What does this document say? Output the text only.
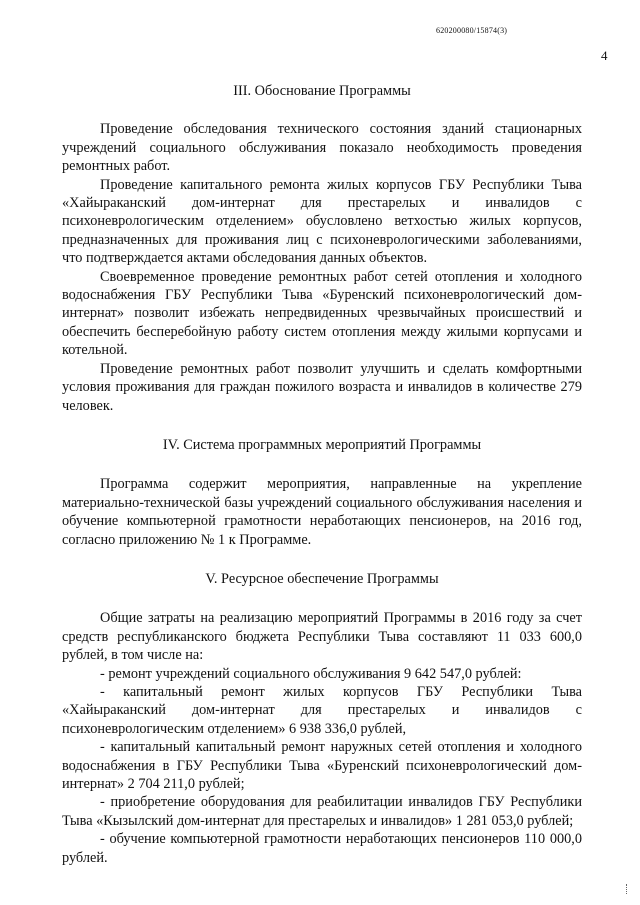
620200080/15874(3)
4
III. Обоснование Программы

Проведение обследования технического состояния зданий стационарных учреждений социального обслуживания показало необходимость проведения ремонтных работ.

Проведение капитального ремонта жилых корпусов ГБУ Республики Тыва «Хайыраканский дом-интернат для престарелых и инвалидов с психоневрологическим отделением» обусловлено ветхостью жилых корпусов, предназначенных для проживания лиц с психоневрологическими заболеваниями, что подтверждается актами обследования данных объектов.

Своевременное проведение ремонтных работ сетей отопления и холодного водоснабжения ГБУ Республики Тыва «Буренский психоневрологический дом-интернат» позволит избежать непредвиденных чрезвычайных происшествий и обеспечить бесперебойную работу систем отопления между жилыми корпусами и котельной.

Проведение ремонтных работ позволит улучшить и сделать комфортными условия проживания для граждан пожилого возраста и инвалидов в количестве 279 человек.

IV. Система программных мероприятий Программы

Программа содержит мероприятия, направленные на укрепление материально-технической базы учреждений социального обслуживания населения и обучение компьютерной грамотности неработающих пенсионеров, на 2016 год, согласно приложению № 1 к Программе.

V. Ресурсное обеспечение Программы

Общие затраты на реализацию мероприятий Программы в 2016 году за счет средств республиканского бюджета Республики Тыва составляют 11 033 600,0 рублей, в том числе на:

- ремонт учреждений социального обслуживания 9 642 547,0 рублей:

- капитальный ремонт жилых корпусов ГБУ Республики Тыва «Хайыраканский дом-интернат для престарелых и инвалидов с психоневрологическим отделением» 6 938 336,0 рублей,

- капитальный капитальный ремонт наружных сетей отопления и холодного водоснабжения в ГБУ Республики Тыва «Буренский психоневрологический дом-интернат» 2 704 211,0 рублей;

- приобретение оборудования для реабилитации инвалидов ГБУ Республики Тыва «Кызылский дом-интернат для престарелых и инвалидов» 1 281 053,0 рублей;

- обучение компьютерной грамотности неработающих пенсионеров 110 000,0 рублей.
